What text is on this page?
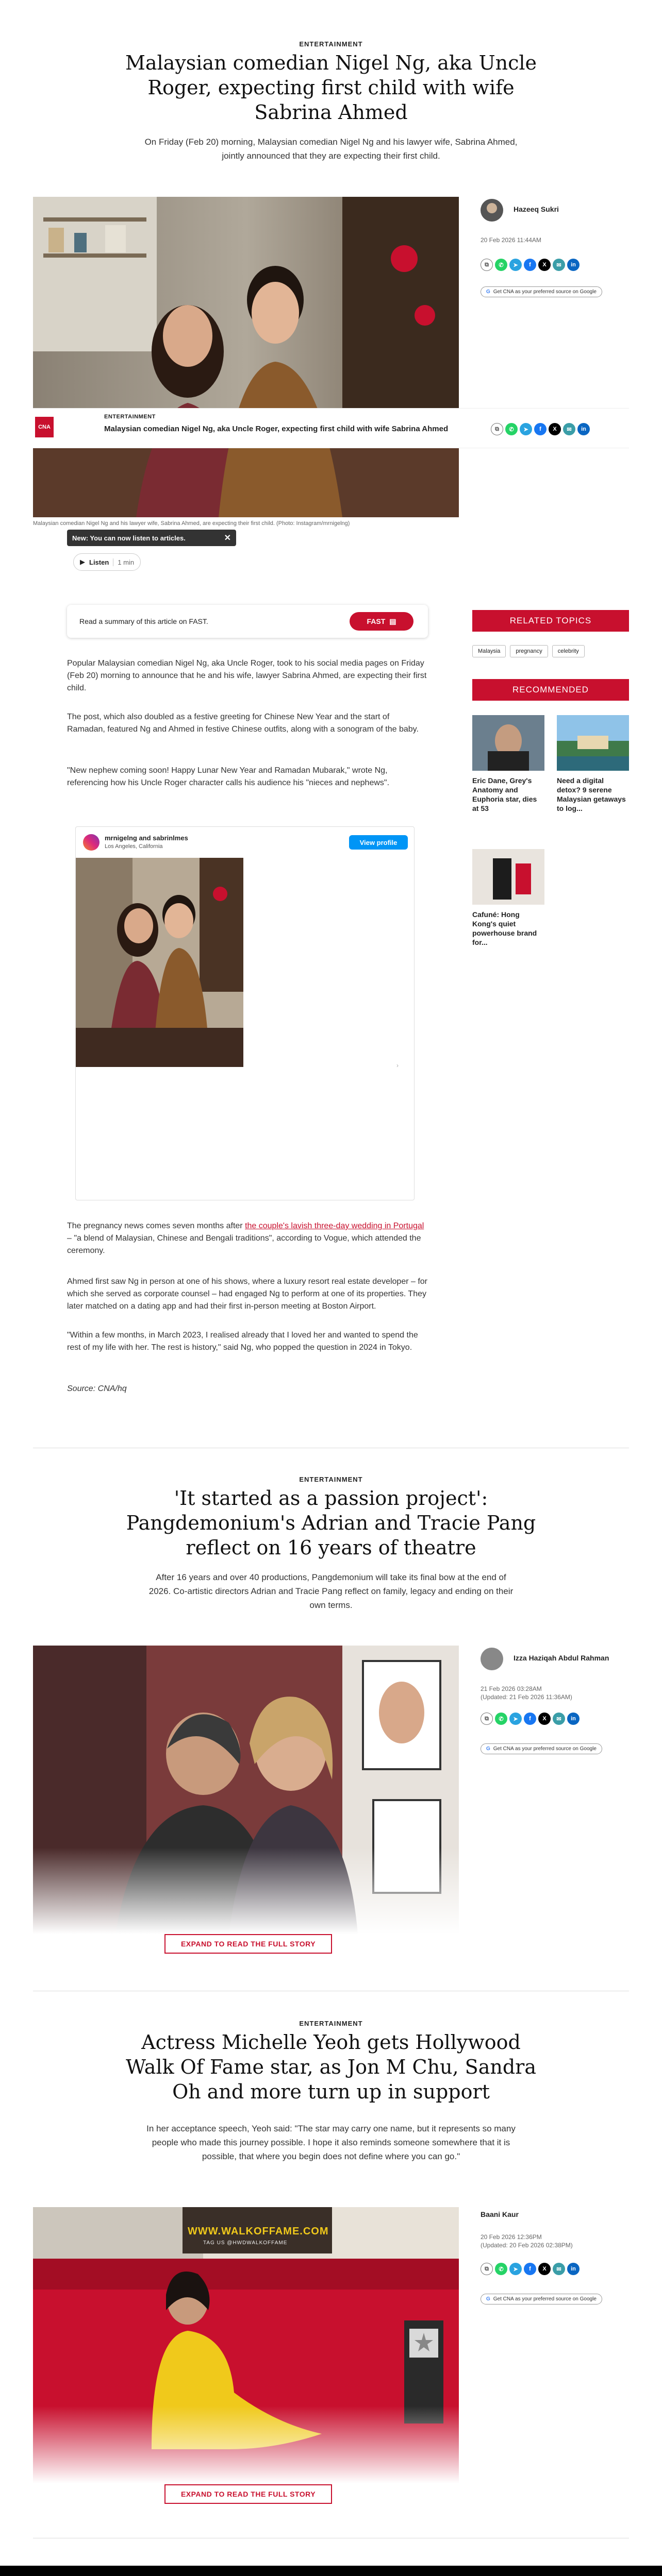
ENTERTAINMENT
Malaysian comedian Nigel Ng, aka Uncle Roger, expecting first child with wife Sabrina Ahmed

On Friday (Feb 20) morning, Malaysian comedian Nigel Ng and his lawyer wife, Sabrina Ahmed, jointly announced that they are expecting their first child.

CNA
ENTERTAINMENT
Malaysian comedian Nigel Ng, aka Uncle Roger, expecting first child with wife Sabrina Ahmed	⧉	✆	➤	f	X	✉	in
Hazeeq Sukri
20 Feb 2026 11:44AM
⧉	✆	➤	f	X	✉	in
G Get CNA as your preferred source on Google
Malaysian comedian Nigel Ng and his lawyer wife, Sabrina Ahmed, are expecting their first child. (Photo: Instagram/mrnigelng)
New: You can now listen to articles.	✕
▶ Listen	1 min
Read a summary of this article on FAST.	FAST ▤

Popular Malaysian comedian Nigel Ng, aka Uncle Roger, took to his social media pages on Friday (Feb 20) morning to announce that he and his wife, lawyer Sabrina Ahmed, are expecting their first child.

The post, which also doubled as a festive greeting for Chinese New Year and the start of Ramadan, featured Ng and Ahmed in festive Chinese outfits, along with a sonogram of the baby.

"New nephew coming soon! Happy Lunar New Year and Ramadan Mubarak," wrote Ng, referencing how his Uncle Roger character calls his audience his "nieces and nephews".

mrnigelng and sabrinlmes
Los Angeles, California
View profile
›

The pregnancy news comes seven months after the couple's lavish three-day wedding in Portugal – "a blend of Malaysian, Chinese and Bengali traditions", according to Vogue, which attended the ceremony.

Ahmed first saw Ng in person at one of his shows, where a luxury resort real estate developer – for which she served as corporate counsel – had engaged Ng to perform at one of its properties. They later matched on a dating app and had their first in-person meeting at Boston Airport.

"Within a few months, in March 2023, I realised already that I loved her and wanted to spend the rest of my life with her. The rest is history," said Ng, who popped the question in 2024 in Tokyo.

Source: CNA/hq

RELATED TOPICS
Malaysia	pregnancy	celebrity
RECOMMENDED
Eric Dane, Grey's Anatomy and Euphoria star, dies at 53
Need a digital detox? 9 serene Malaysian getaways to log...
Cafuné: Hong Kong's quiet powerhouse brand for...
ENTERTAINMENT
'It started as a passion project': Pangdemonium's Adrian and Tracie Pang reflect on 16 years of theatre

After 16 years and over 40 productions, Pangdemonium will take its final bow at the end of 2026. Co-artistic directors Adrian and Tracie Pang reflect on family, legacy and ending on their own terms.

EXPAND TO READ THE FULL STORY
Izza Haziqah Abdul Rahman
21 Feb 2026 03:28AM
(Updated: 21 Feb 2026 11:36AM)
⧉	✆	➤	f	X	✉	in
G Get CNA as your preferred source on Google
ENTERTAINMENT
Actress Michelle Yeoh gets Hollywood Walk Of Fame star, as Jon M Chu, Sandra Oh and more turn up in support

In her acceptance speech, Yeoh said: "The star may carry one name, but it represents so many people who made this journey possible. I hope it also reminds someone somewhere that it is possible, that where you begin does not define where you can go."

WWW.WALKOFFAME.COM
TAG US @HWDWALKOFFAME
EXPAND TO READ THE FULL STORY
Baani Kaur
20 Feb 2026 12:36PM
(Updated: 20 Feb 2026 02:38PM)
⧉	✆	➤	f	X	✉	in
G Get CNA as your preferred source on Google
